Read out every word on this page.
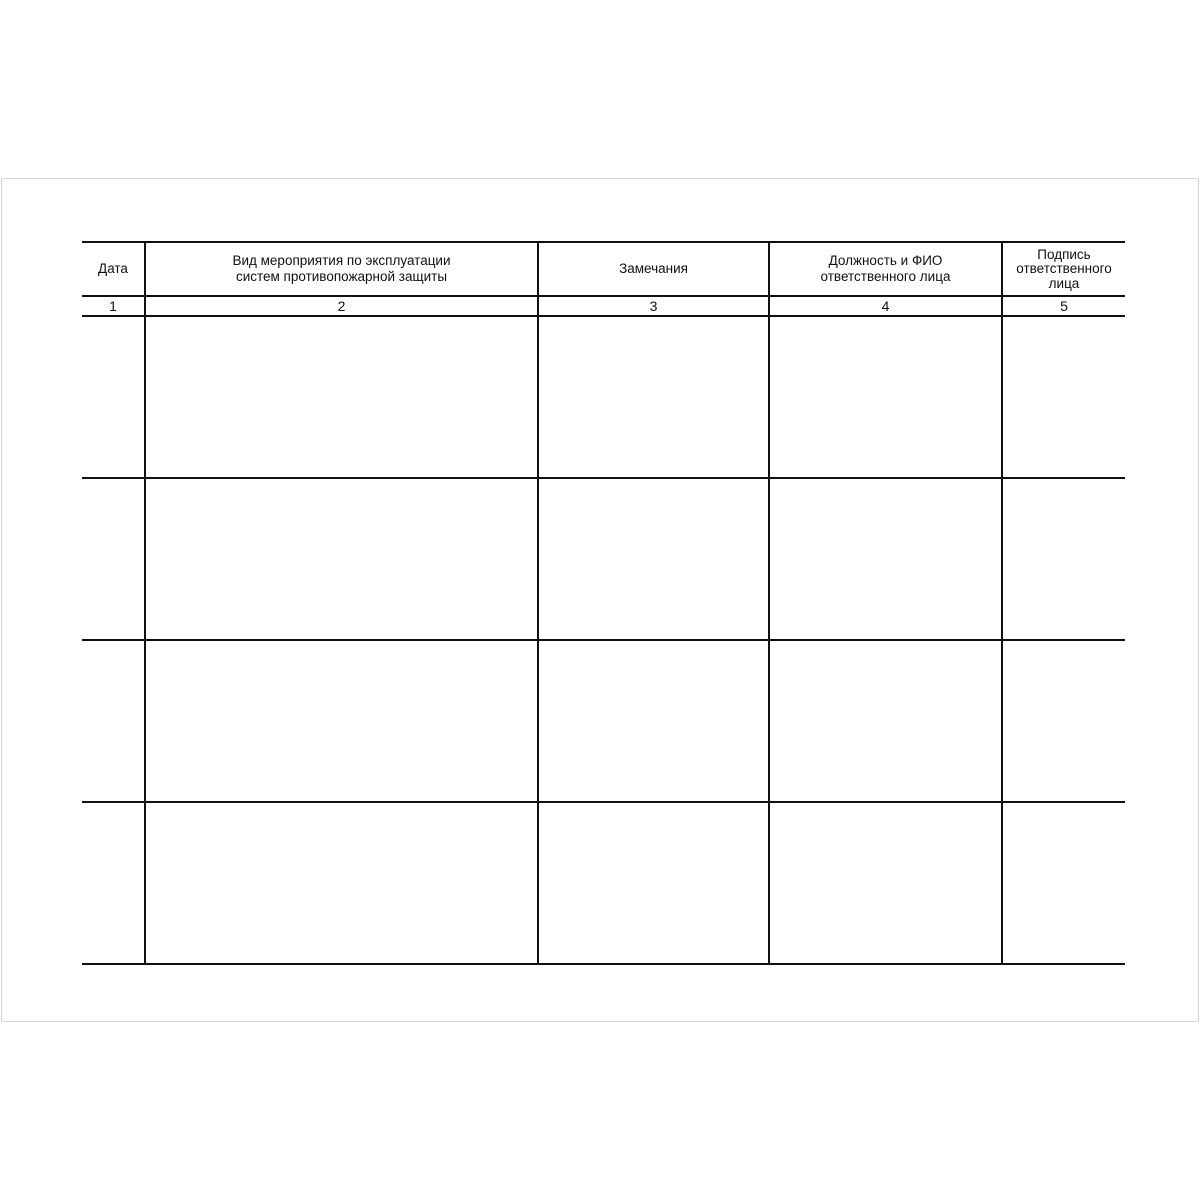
Дата	Вид мероприятия по эксплуатации систем противопожарной защиты	Замечания	Должность и ФИО ответственного лица	Подпись ответственного лица
1	2	3	4	5
